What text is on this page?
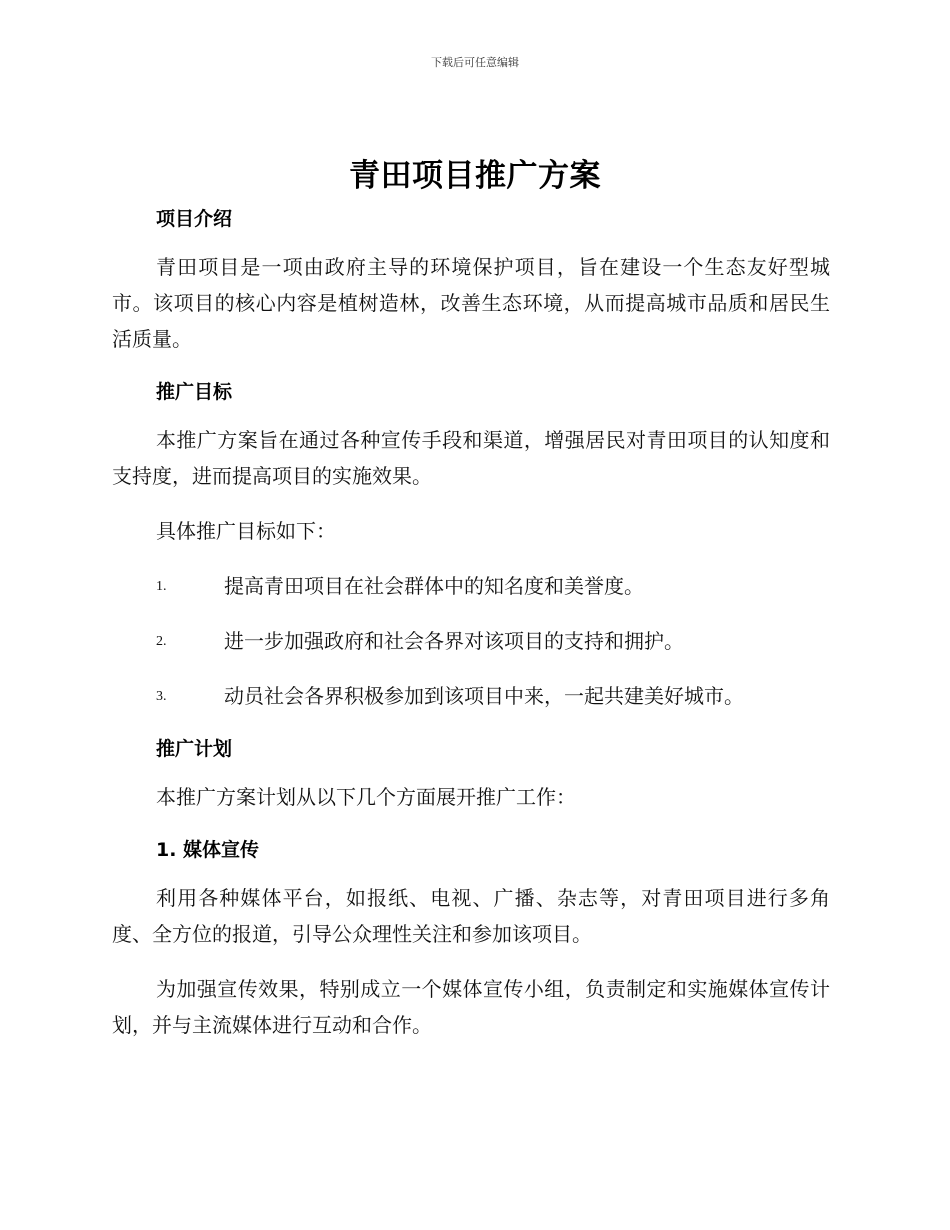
下载后可任意编辑
青田项目推广方案
项目介绍

青田项目是一项由政府主导的环境保护项目，旨在建设一个生态友好型城市。该项目的核心内容是植树造林，改善生态环境，从而提高城市品质和居民生活质量。

推广目标

本推广方案旨在通过各种宣传手段和渠道，增强居民对青田项目的认知度和支持度，进而提高项目的实施效果。

具体推广目标如下：

1.	提高青田项目在社会群体中的知名度和美誉度。
2.	进一步加强政府和社会各界对该项目的支持和拥护。
3.	动员社会各界积极参加到该项目中来，一起共建美好城市。
推广计划

本推广方案计划从以下几个方面展开推广工作：

1. 媒体宣传

利用各种媒体平台，如报纸、电视、广播、杂志等，对青田项目进行多角度、全方位的报道，引导公众理性关注和参加该项目。

为加强宣传效果，特别成立一个媒体宣传小组，负责制定和实施媒体宣传计划，并与主流媒体进行互动和合作。
